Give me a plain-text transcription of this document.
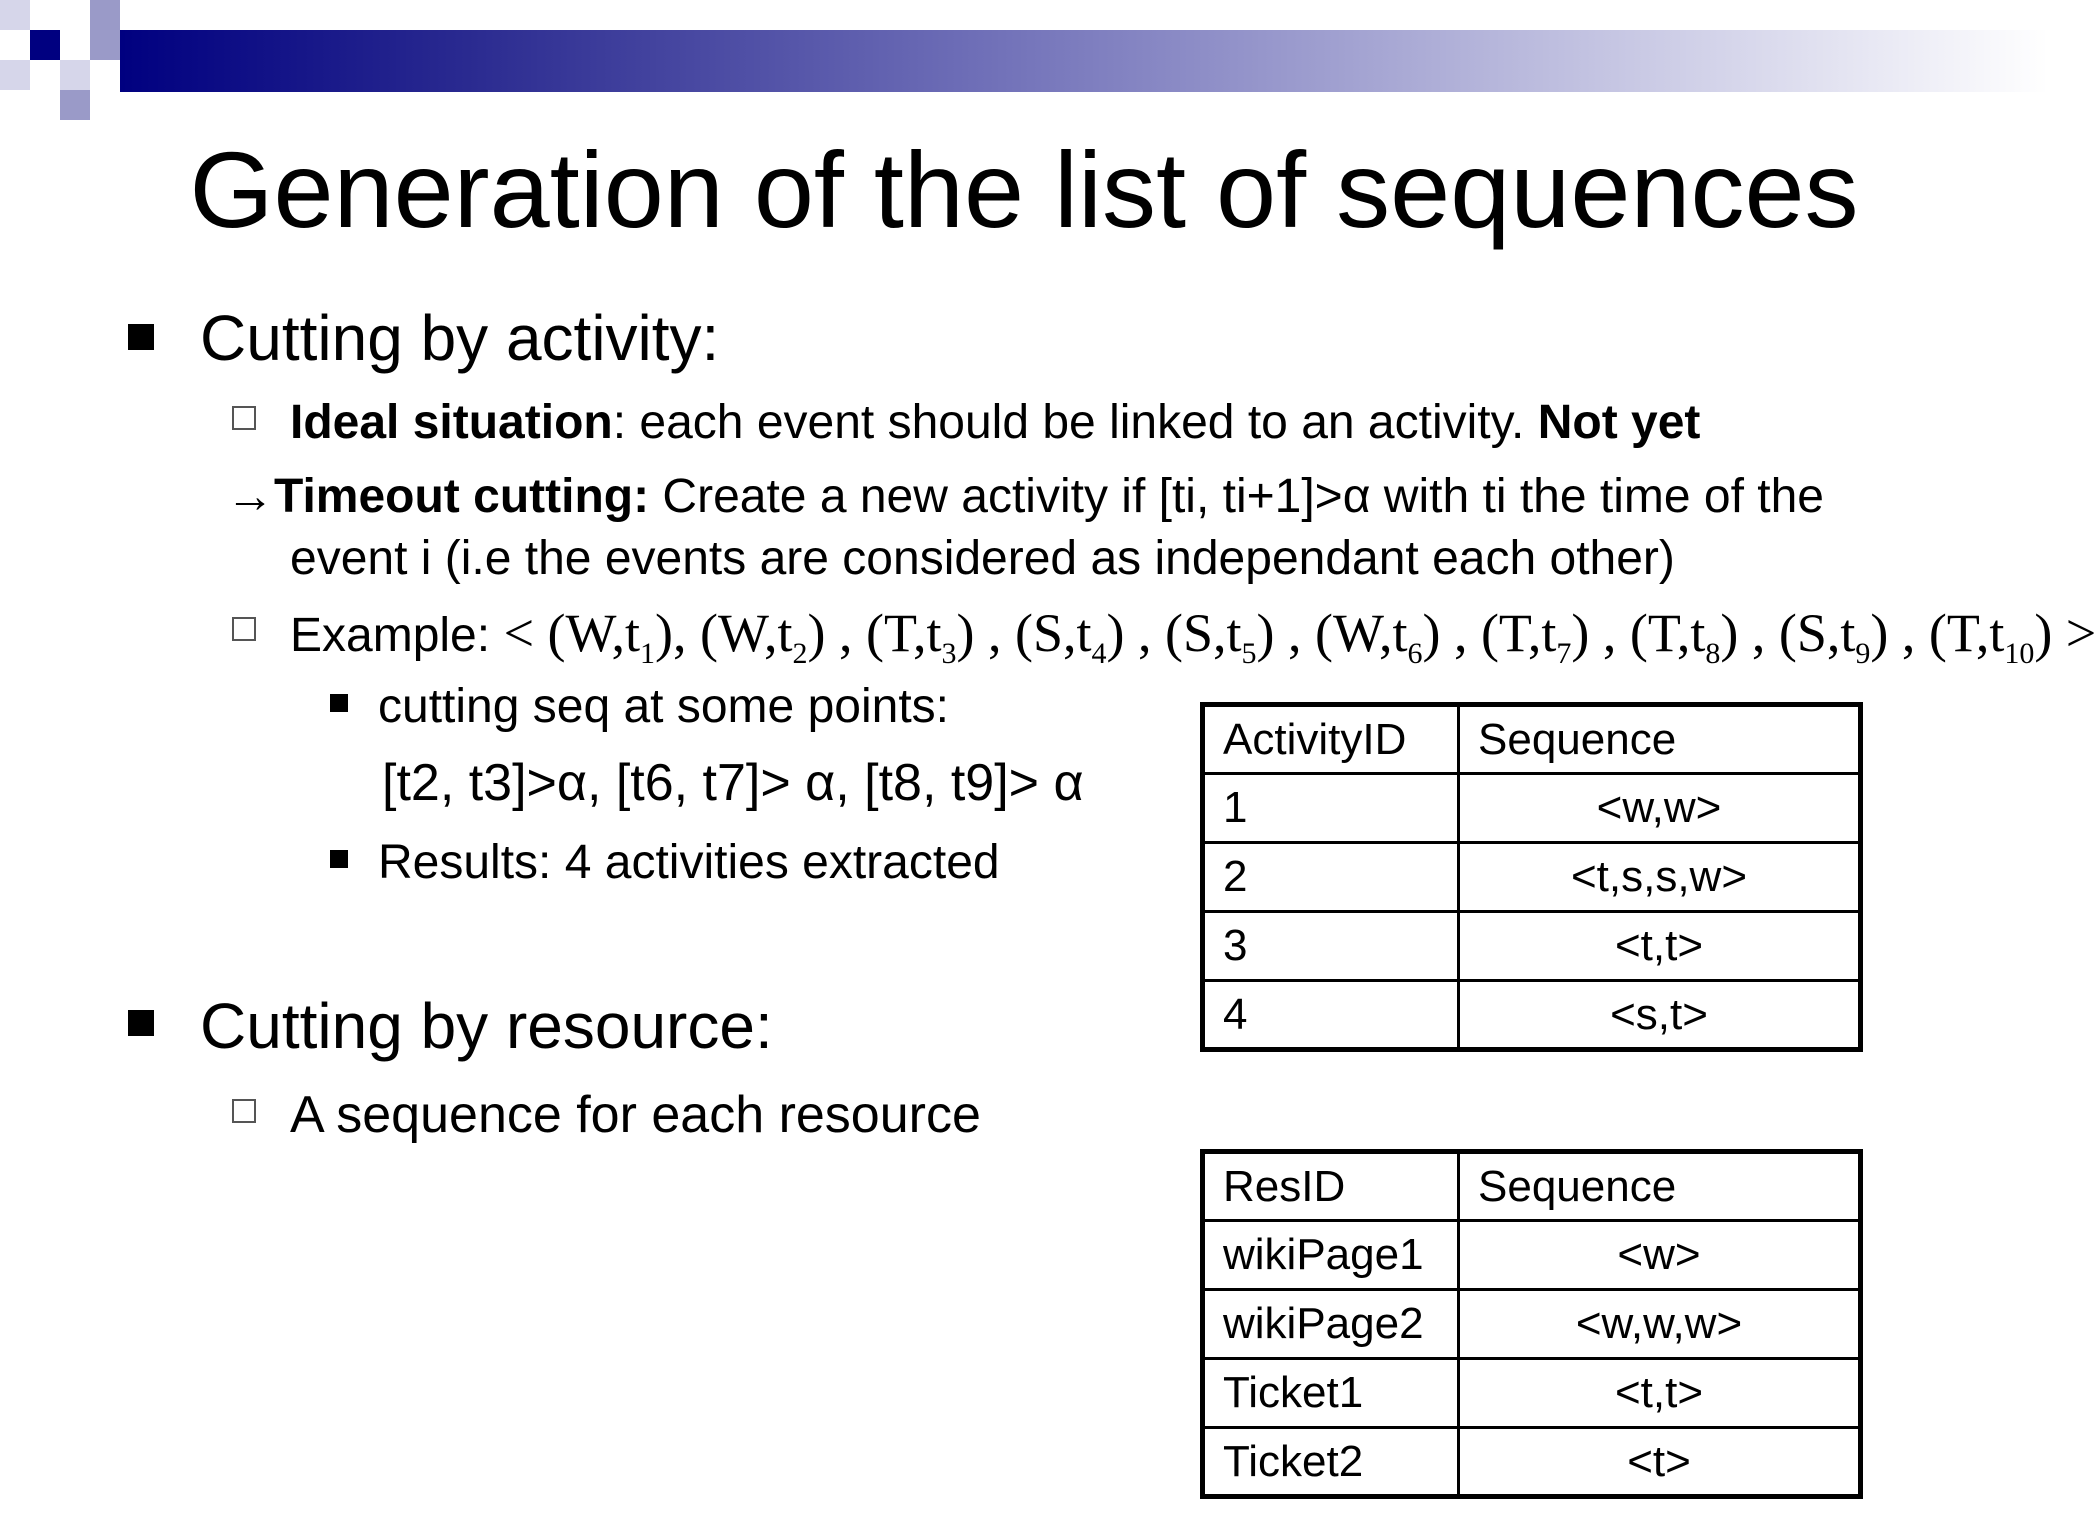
Generation of the list of sequences
Cutting by activity:
Ideal situation: each event should be linked to an activity. Not yet
→Timeout cutting: Create a new activity if [ti, ti+1]>α with ti the time of the
event i (i.e the events are considered as independant each other)
Example: < $(W,t_1)$, $(W,t_2)$ , $(T,t_3)$ , $(S,t_4)$ , $(S,t_5)$ , $(W,t_6)$ , $(T,t_7)$ , $(T,t_8)$ , $(S,t_9)$ , $(T,t_{10})$ >
cutting seq at some points:
[t2, t3]>α, [t6, t7]> α, [t8, t9]> α
Results: 4 activities extracted
Cutting by resource:
A sequence for each resource
ActivityID	Sequence
1	<w,w>
2	<t,s,s,w>
3	<t,t>
4	<s,t>
ResID	Sequence
wikiPage1	<w>
wikiPage2	<w,w,w>
Ticket1	<t,t>
Ticket2	<t>
